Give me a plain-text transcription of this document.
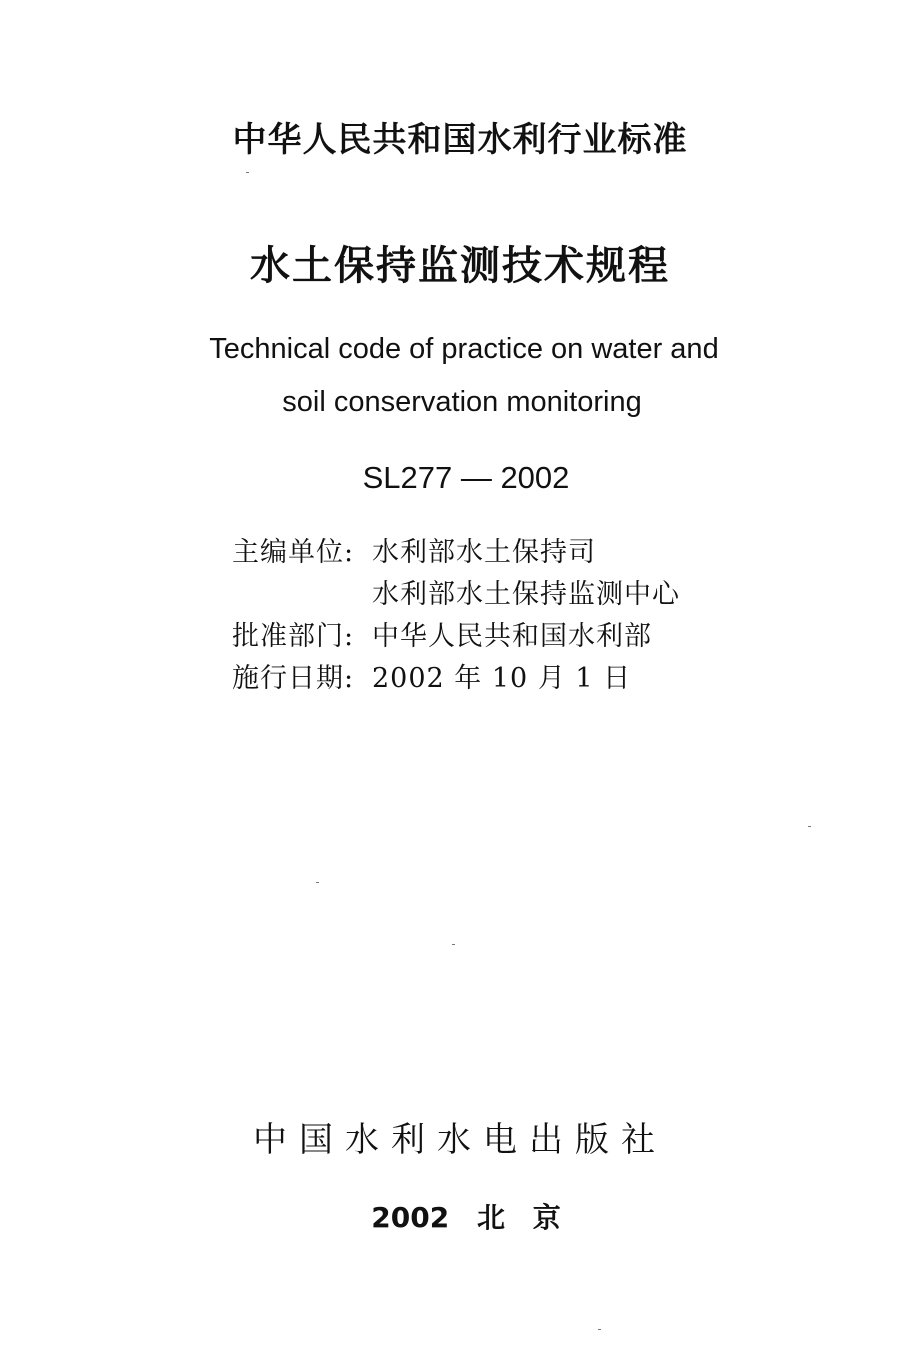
中华人民共和国水利行业标准
水土保持监测技术规程
Technical code of practice on water and
soil conservation monitoring
SL277 — 2002
主编单位: 水利部水土保持司
水利部水土保持监测中心
批准部门: 中华人民共和国水利部
施行日期: 2002 年 10 月 1 日
中国水利水电出版社
2002 北 京
